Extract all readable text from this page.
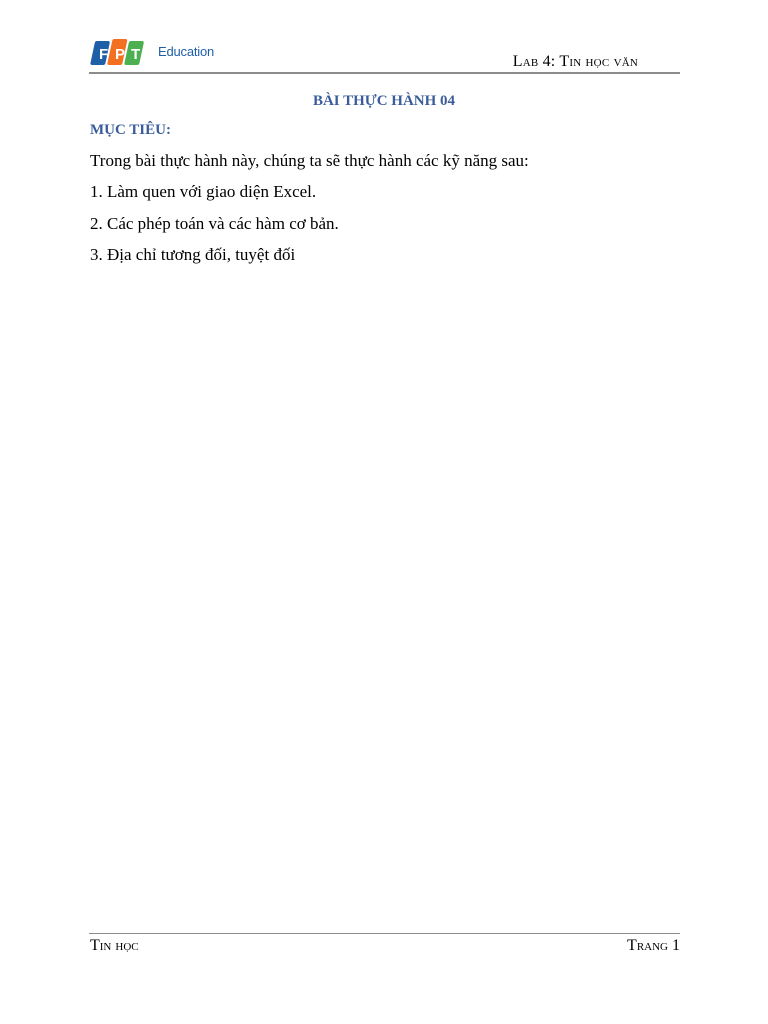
F P T Education
Lab 4: Tin học văn
BÀI THỰC HÀNH 04
MỤC TIÊU:
Trong bài thực hành này, chúng ta sẽ thực hành các kỹ năng sau:
1. Làm quen với giao diện Excel.
2. Các phép toán và các hàm cơ bản.
3. Địa chỉ tương đối, tuyệt đối
Tin học	Trang 1
